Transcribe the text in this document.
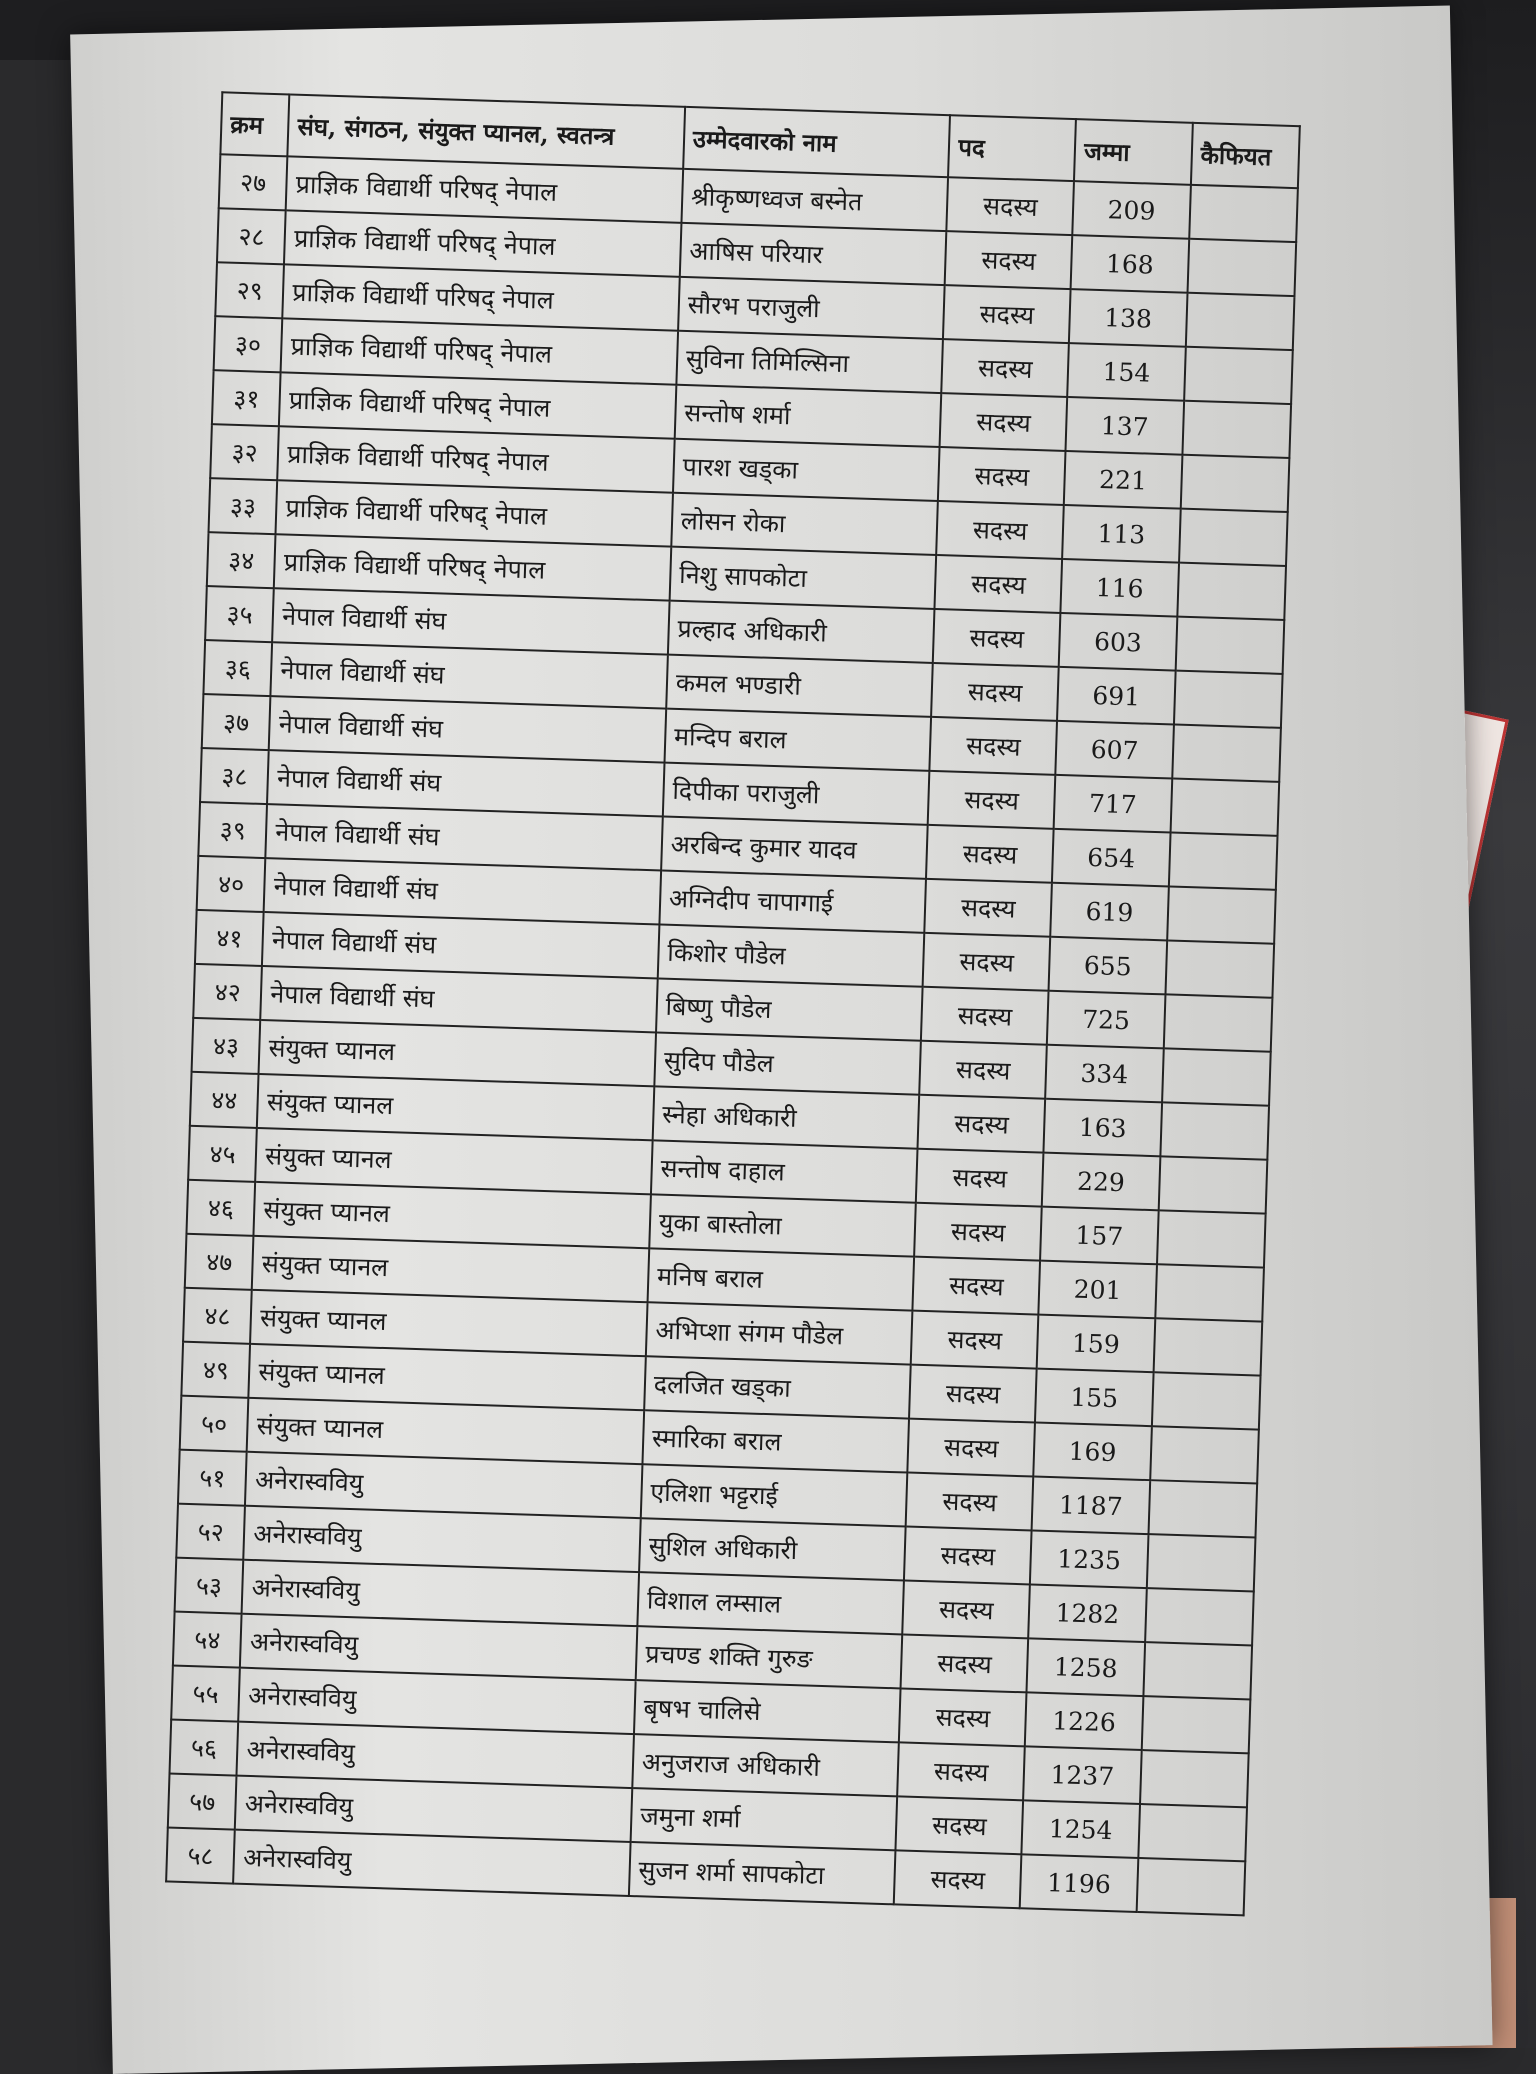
क्रम	संघ, संगठन, संयुक्त प्यानल, स्वतन्त्र	उम्मेदवारको नाम	पद	जम्मा	कैफियत
२७	प्राज्ञिक विद्यार्थी परिषद् नेपाल	श्रीकृष्णध्वज बस्नेत	सदस्य	209	
२८	प्राज्ञिक विद्यार्थी परिषद् नेपाल	आषिस परियार	सदस्य	168	
२९	प्राज्ञिक विद्यार्थी परिषद् नेपाल	सौरभ पराजुली	सदस्य	138	
३०	प्राज्ञिक विद्यार्थी परिषद् नेपाल	सुविना तिमिल्सिना	सदस्य	154	
३१	प्राज्ञिक विद्यार्थी परिषद् नेपाल	सन्तोष शर्मा	सदस्य	137	
३२	प्राज्ञिक विद्यार्थी परिषद् नेपाल	पारश खड्का	सदस्य	221	
३३	प्राज्ञिक विद्यार्थी परिषद् नेपाल	लोसन रोका	सदस्य	113	
३४	प्राज्ञिक विद्यार्थी परिषद् नेपाल	निशु सापकोटा	सदस्य	116	
३५	नेपाल विद्यार्थी संघ	प्रल्हाद अधिकारी	सदस्य	603	
३६	नेपाल विद्यार्थी संघ	कमल भण्डारी	सदस्य	691	
३७	नेपाल विद्यार्थी संघ	मन्दिप बराल	सदस्य	607	
३८	नेपाल विद्यार्थी संघ	दिपीका पराजुली	सदस्य	717	
३९	नेपाल विद्यार्थी संघ	अरबिन्द कुमार यादव	सदस्य	654	
४०	नेपाल विद्यार्थी संघ	अग्निदीप चापागाई	सदस्य	619	
४१	नेपाल विद्यार्थी संघ	किशोर पौडेल	सदस्य	655	
४२	नेपाल विद्यार्थी संघ	बिष्णु पौडेल	सदस्य	725	
४३	संयुक्त प्यानल	सुदिप पौडेल	सदस्य	334	
४४	संयुक्त प्यानल	स्नेहा अधिकारी	सदस्य	163	
४५	संयुक्त प्यानल	सन्तोष दाहाल	सदस्य	229	
४६	संयुक्त प्यानल	युका बास्तोला	सदस्य	157	
४७	संयुक्त प्यानल	मनिष बराल	सदस्य	201	
४८	संयुक्त प्यानल	अभिप्शा संगम पौडेल	सदस्य	159	
४९	संयुक्त प्यानल	दलजित खड्का	सदस्य	155	
५०	संयुक्त प्यानल	स्मारिका बराल	सदस्य	169	
५१	अनेरास्ववियु	एलिशा भट्टराई	सदस्य	1187	
५२	अनेरास्ववियु	सुशिल अधिकारी	सदस्य	1235	
५३	अनेरास्ववियु	विशाल लम्साल	सदस्य	1282	
५४	अनेरास्ववियु	प्रचण्ड शक्ति गुरुङ	सदस्य	1258	
५५	अनेरास्ववियु	बृषभ चालिसे	सदस्य	1226	
५६	अनेरास्ववियु	अनुजराज अधिकारी	सदस्य	1237	
५७	अनेरास्ववियु	जमुना शर्मा	सदस्य	1254	
५८	अनेरास्ववियु	सुजन शर्मा सापकोटा	सदस्य	1196	
